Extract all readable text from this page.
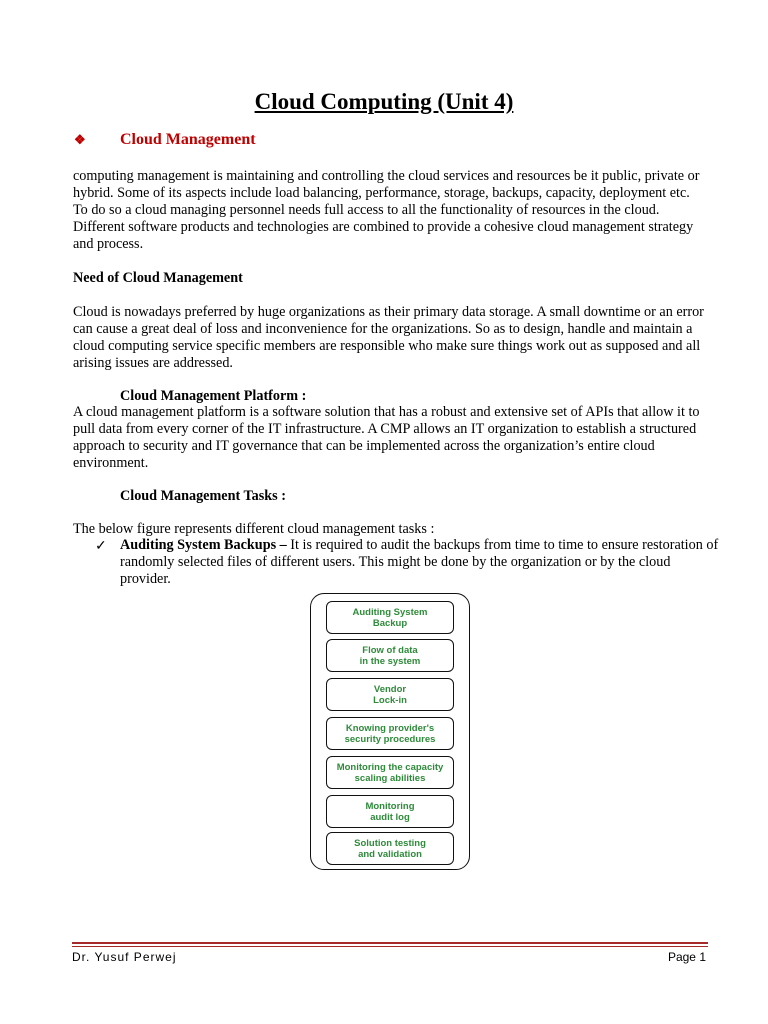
Cloud Computing (Unit 4)
❖ Cloud Management

computing management is maintaining and controlling the cloud services and resources be it public, private or hybrid. Some of its aspects include load balancing, performance, storage, backups, capacity, deployment etc. To do so a cloud managing personnel needs full access to all the functionality of resources in the cloud. Different software products and technologies are combined to provide a cohesive cloud management strategy and process.

Need of Cloud Management

Cloud is nowadays preferred by huge organizations as their primary data storage. A small downtime or an error can cause a great deal of loss and inconvenience for the organizations. So as to design, handle and maintain a cloud computing service specific members are responsible who make sure things work out as supposed and all arising issues are addressed.

Cloud Management Platform :

A cloud management platform is a software solution that has a robust and extensive set of APIs that allow it to pull data from every corner of the IT infrastructure. A CMP allows an IT organization to establish a structured approach to security and IT governance that can be implemented across the organization’s entire cloud environment.

Cloud Management Tasks :

The below figure represents different cloud management tasks :

✓ Auditing System Backups – It is required to audit the backups from time to time to ensure restoration of randomly selected files of different users. This might be done by the organization or by the cloud provider.

Auditing System
Backup
Flow of data
in the system
Vendor
Lock-in
Knowing provider's
security procedures
Monitoring the capacity
scaling abilities
Monitoring
audit log
Solution testing
and validation
Dr. Yusuf Perwej	Page 1
